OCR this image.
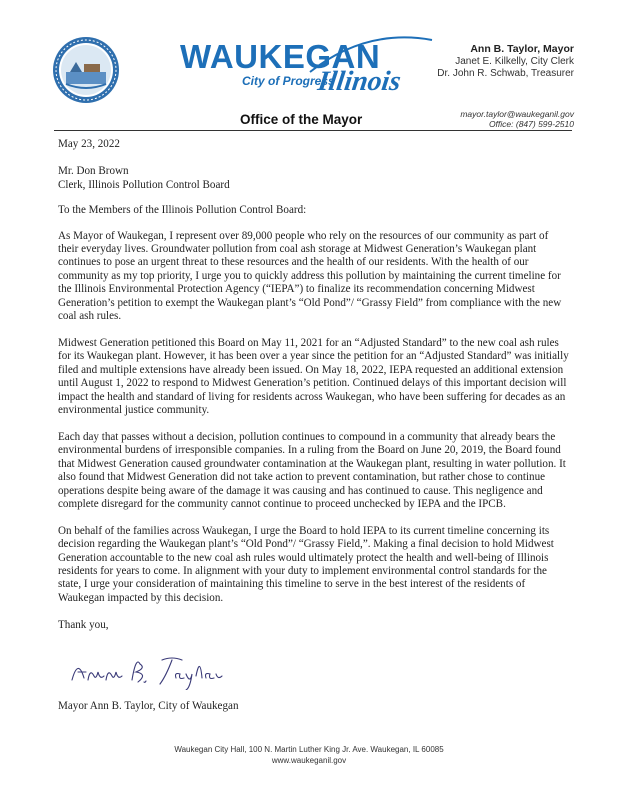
WAUKEGAN
City of Progress
Illinois
Ann B. Taylor, Mayor
Janet E. Kilkelly, City Clerk
Dr. John R. Schwab, Treasurer
Office of the Mayor	mayor.taylor@waukeganil.gov
Office: (847) 599-2510

May 23, 2022

Mr. Don Brown

Clerk, Illinois Pollution Control Board

To the Members of the Illinois Pollution Control Board:

As Mayor of Waukegan, I represent over 89,000 people who rely on the resources of our community as part of their everyday lives. Groundwater pollution from coal ash storage at Midwest Generation’s Waukegan plant continues to pose an urgent threat to these resources and the health of our residents. With the health of our community as my top priority, I urge you to quickly address this pollution by maintaining the current timeline for the Illinois Environmental Protection Agency (“IEPA”) to finalize its recommendation concerning Midwest Generation’s petition to exempt the Waukegan plant’s “Old Pond”/ “Grassy Field” from compliance with the new coal ash rules.

Midwest Generation petitioned this Board on May 11, 2021 for an “Adjusted Standard” to the new coal ash rules for its Waukegan plant. However, it has been over a year since the petition for an “Adjusted Standard” was initially filed and multiple extensions have already been issued. On May 18, 2022, IEPA requested an additional extension until August 1, 2022 to respond to Midwest Generation’s petition. Continued delays of this important decision will impact the health and standard of living for residents across Waukegan, who have been suffering for decades as an environmental justice community.

Each day that passes without a decision, pollution continues to compound in a community that already bears the environmental burdens of irresponsible companies. In a ruling from the Board on June 20, 2019, the Board found that Midwest Generation caused groundwater contamination at the Waukegan plant, resulting in water pollution. It also found that Midwest Generation did not take action to prevent contamination, but rather chose to continue operations despite being aware of the damage it was causing and has continued to cause. This negligence and complete disregard for the community cannot continue to proceed unchecked by IEPA and the IPCB.

On behalf of the families across Waukegan, I urge the Board to hold IEPA to its current timeline concerning its decision regarding the Waukegan plant’s “Old Pond”/ “Grassy Field,”. Making a final decision to hold Midwest Generation accountable to the new coal ash rules would ultimately protect the health and well-being of Illinois residents for years to come. In alignment with your duty to implement environmental control standards for the state, I urge your consideration of maintaining this timeline to serve in the best interest of the residents of Waukegan impacted by this decision.

Thank you,

Mayor Ann B. Taylor, City of Waukegan
Waukegan City Hall, 100 N. Martin Luther King Jr. Ave. Waukegan, IL 60085
www.waukeganil.gov
